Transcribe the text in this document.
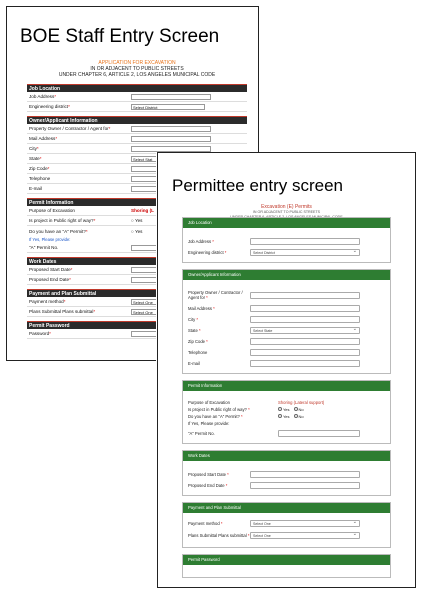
BOE Staff Entry Screen
APPLICATION FOR EXCAVATION
IN OR ADJACENT TO PUBLIC STREETS
UNDER CHAPTER 6, ARTICLE 2, LOS ANGELES MUNICIPAL CODE
Job Location
Job Address*
Engineering district*	Select District
Owner/Applicant Information
Property Owner / Contractor / Agent for*
Mail Address*
City*
State*	Select Stat
Zip Code*
Telephone
E-mail
Permit Information
Purpose of Excavation	Shoring (L
Is project in Public right of way?*	○ Yes
Do you have an "A" Permit?*	○ Yes
If Yes, Please provide:
"A" Permit No.
Work Dates
Proposed Start Date*
Proposed End Date*
Payment and Plan Submittal
Payment method*	Select One
Plans Submittal Plans submittal*	Select One
Permit Password
Password*
Permittee entry screen
Excavation (E) Permits
IN OR ADJACENT TO PUBLIC STREETS
UNDER CHAPTER 6, ARTICLE 2, LOS ANGELES MUNICIPAL CODE
Job Location
Job Address *
Engineering district *	Select District ⌄
Owner/Applicant Information
Property Owner / Contractor / Agent for *
Mail Address *
City *
State *	Select State ⌄
Zip Code *
Telephone
E-mail
Permit Information
Purpose of Excavation	Shoring (Lateral support)
Is project in Public right of way? *	Yes No
Do you have an "A" Permit? *	Yes No
If Yes, Please provide:
"A" Permit No.
Work Dates
Proposed Start Date *
Proposed End Date *
Payment and Plan Submittal
Payment method *	Select One ⌄
Plans Submittal Plans submittal * Select One ⌄
Permit Password
